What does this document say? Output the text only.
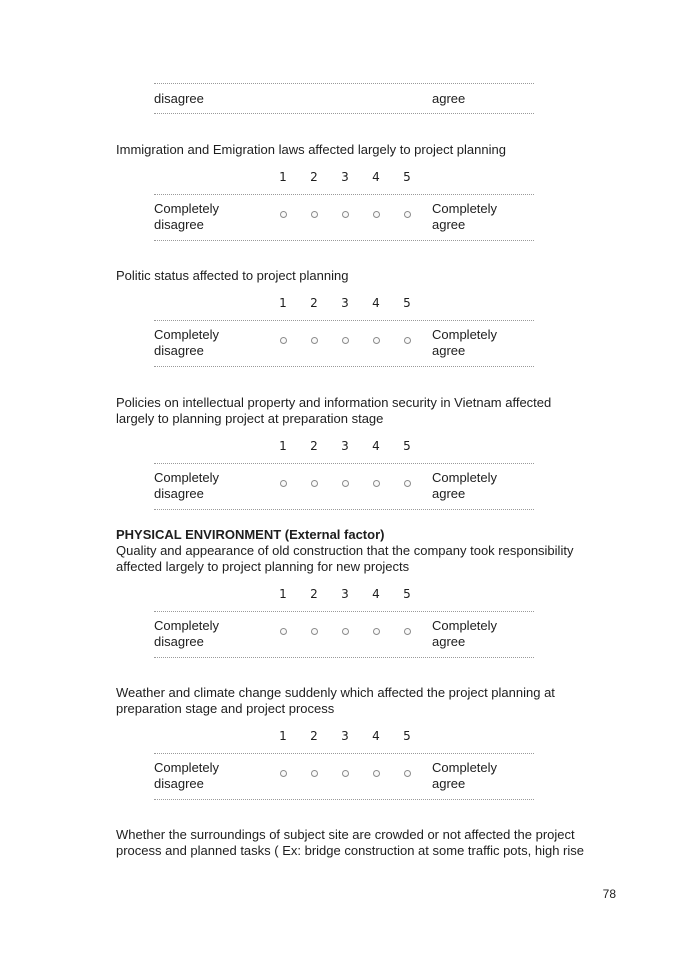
disagree	agree
Immigration and Emigration laws affected largely to project planning
1 2 3 4 5
Completely
disagree
Completely
agree
Politic status affected to project planning
1 2 3 4 5
Completely
disagree
Completely
agree
Policies on intellectual property and information security in Vietnam affected
largely to planning project at preparation stage
1 2 3 4 5
Completely
disagree
Completely
agree
PHYSICAL ENVIRONMENT (External factor)
Quality and appearance of old construction that the company took responsibility
affected largely to project planning for new projects
1 2 3 4 5
Completely
disagree
Completely
agree
Weather and climate change suddenly which affected the project planning at
preparation stage and project process
1 2 3 4 5
Completely
disagree
Completely
agree
Whether the surroundings of subject site are crowded or not affected the project
process and planned tasks ( Ex: bridge construction at some traffic pots, high rise
78
